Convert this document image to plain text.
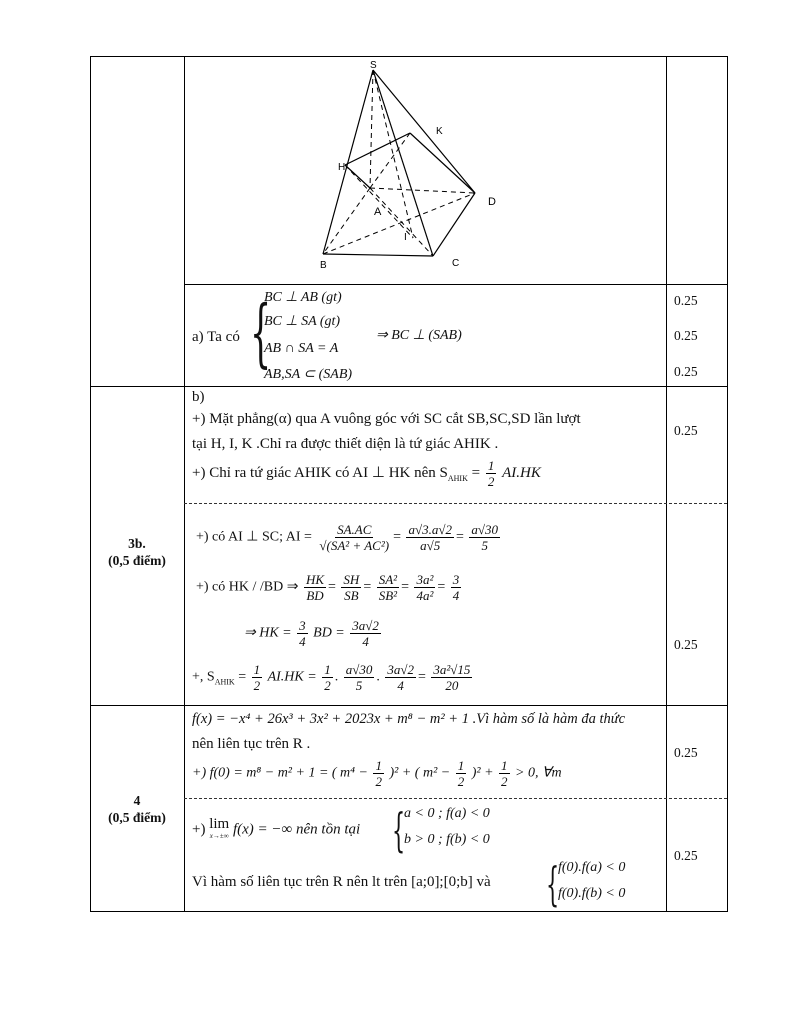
S
K
H
I
A
D
B	C
a) Ta có {
BC ⊥ AB (gt)
BC ⊥ SA (gt)
AB ∩ SA = A
AB,SA ⊂ (SAB)
⇒ BC ⊥ (SAB)
0.25
0.25
0.25
3b.
(0,5 điểm)
b)
+) Mặt phẳng(α) qua A vuông góc với SC cắt SB,SC,SD lần lượt
tại H, I, K .Chỉ ra được thiết diện là tứ giác AHIK .
+) Chỉ ra tứ giác AHIK có AI ⊥ HK nên $S_{AHIK} = \frac{1}{2} AI.HK$
0.25
+) có AI ⊥ SC; AI = $\frac{SA.AC}{\text{√(SA² + AC²)}} = \frac{a√3.a√2}{a√5} = \frac{a√30}{5}$
+) có HK / /BD ⇒ $\frac{HK}{BD} = \frac{SH}{SB} = \frac{\text{SA²}}{\text{SB²}} = \frac{\text{3a²}}{\text{4a²}} = \frac{3}{4}$
⇒ HK = $\frac{3}{4}$ BD = $\frac{3a√2}{4}$
+, $S_{AHIK} = \frac{1}{2} AI.HK = \frac{1}{2}$ . $\frac{a√30}{5}$ . $\frac{3a√2}{4} = \frac{\text{3a²√15}}{20}$
0.25
4
(0,5 điểm)
f(x) = −x⁴ + 26x³ + 3x² + 2023x + m⁸ − m² + 1 .Vì hàm số là hàm đa thức
nên liên tục trên R .
+) f(0) = m⁸ − m² + 1 = ( $m^4 - \frac{1}{2} )^2$ + ( $m^2 - \frac{1}{2} )^2 + \frac{1}{2} > 0$, ∀m
0.25
+) lim
x→±∞ f(x) = −∞ nên tồn tại {
a < 0 ; f(a) < 0
b > 0 ; f(b) < 0
Vì hàm số liên tục trên R nên lt trên [a;0];[0;b] và {
f(0).f(a) < 0
f(0).f(b) < 0
0.25
